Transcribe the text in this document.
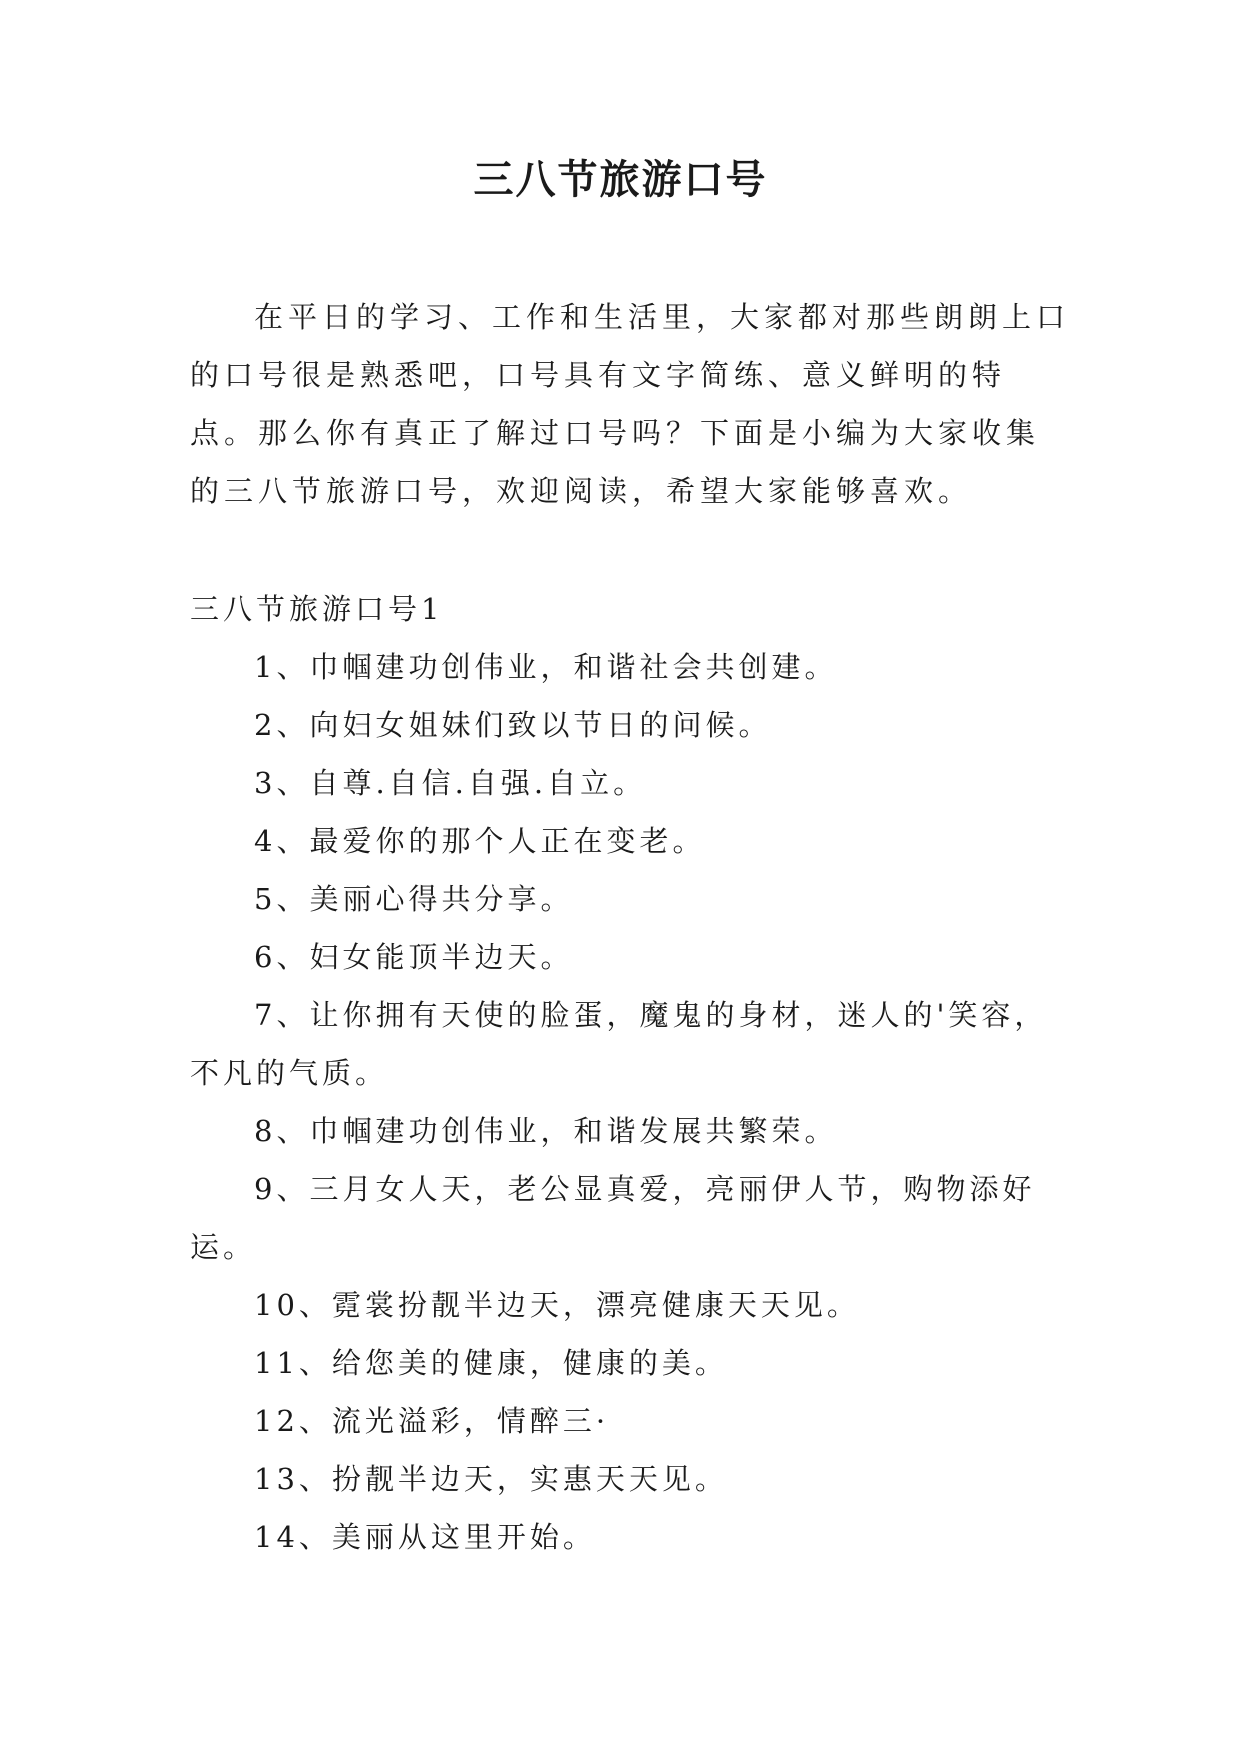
三八节旅游口号

在平日的学习、工作和生活里，大家都对那些朗朗上口的口号很是熟悉吧，口号具有文字简练、意义鲜明的特点。那么你有真正了解过口号吗？下面是小编为大家收集的三八节旅游口号，欢迎阅读，希望大家能够喜欢。

三八节旅游口号1
1、巾帼建功创伟业，和谐社会共创建。
2、向妇女姐妹们致以节日的问候。
3、自尊.自信.自强.自立。
4、最爱你的那个人正在变老。
5、美丽心得共分享。
6、妇女能顶半边天。
7、让你拥有天使的脸蛋，魔鬼的身材，迷人的'笑容，不凡的气质。
8、巾帼建功创伟业，和谐发展共繁荣。
9、三月女人天，老公显真爱，亮丽伊人节，购物添好运。
10、霓裳扮靓半边天，漂亮健康天天见。
11、给您美的健康，健康的美。
12、流光溢彩，情醉三·
13、扮靓半边天，实惠天天见。
14、美丽从这里开始。
